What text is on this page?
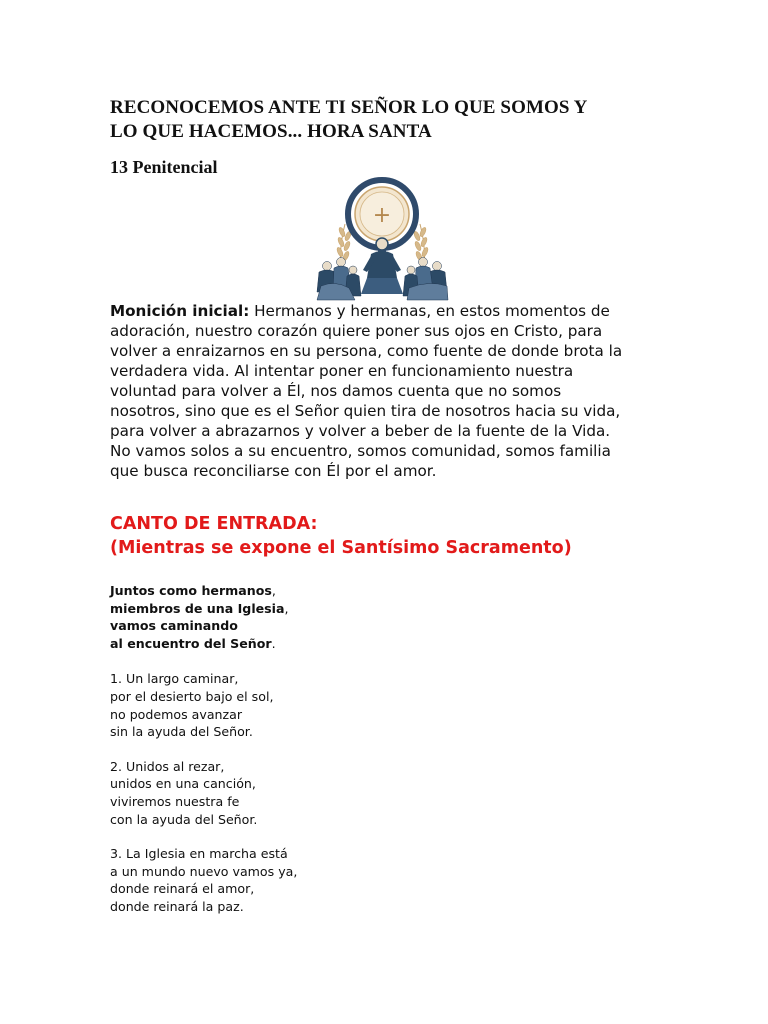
RECONOCEMOS ANTE TI SEÑOR LO QUE SOMOS Y
LO QUE HACEMOS... HORA SANTA
13 Penitencial
+

Monición inicial: Hermanos y hermanas, en estos momentos de
adoración, nuestro corazón quiere poner sus ojos en Cristo, para
volver a enraizarnos en su persona, como fuente de donde brota la
verdadera vida. Al intentar poner en funcionamiento nuestra
voluntad para volver a Él, nos damos cuenta que no somos
nosotros, sino que es el Señor quien tira de nosotros hacia su vida,
para volver a abrazarnos y volver a beber de la fuente de la Vida.
No vamos solos a su encuentro, somos comunidad, somos familia
que busca reconciliarse con Él por el amor.

CANTO DE ENTRADA:
(Mientras se expone el Santísimo Sacramento)

Juntos como hermanos,
miembros de una Iglesia,
vamos caminando
al encuentro del Señor.

1. Un largo caminar,
por el desierto bajo el sol,
no podemos avanzar
sin la ayuda del Señor.

2. Unidos al rezar,
unidos en una canción,
viviremos nuestra fe
con la ayuda del Señor.

3. La Iglesia en marcha está
a un mundo nuevo vamos ya,
donde reinará el amor,
donde reinará la paz.
